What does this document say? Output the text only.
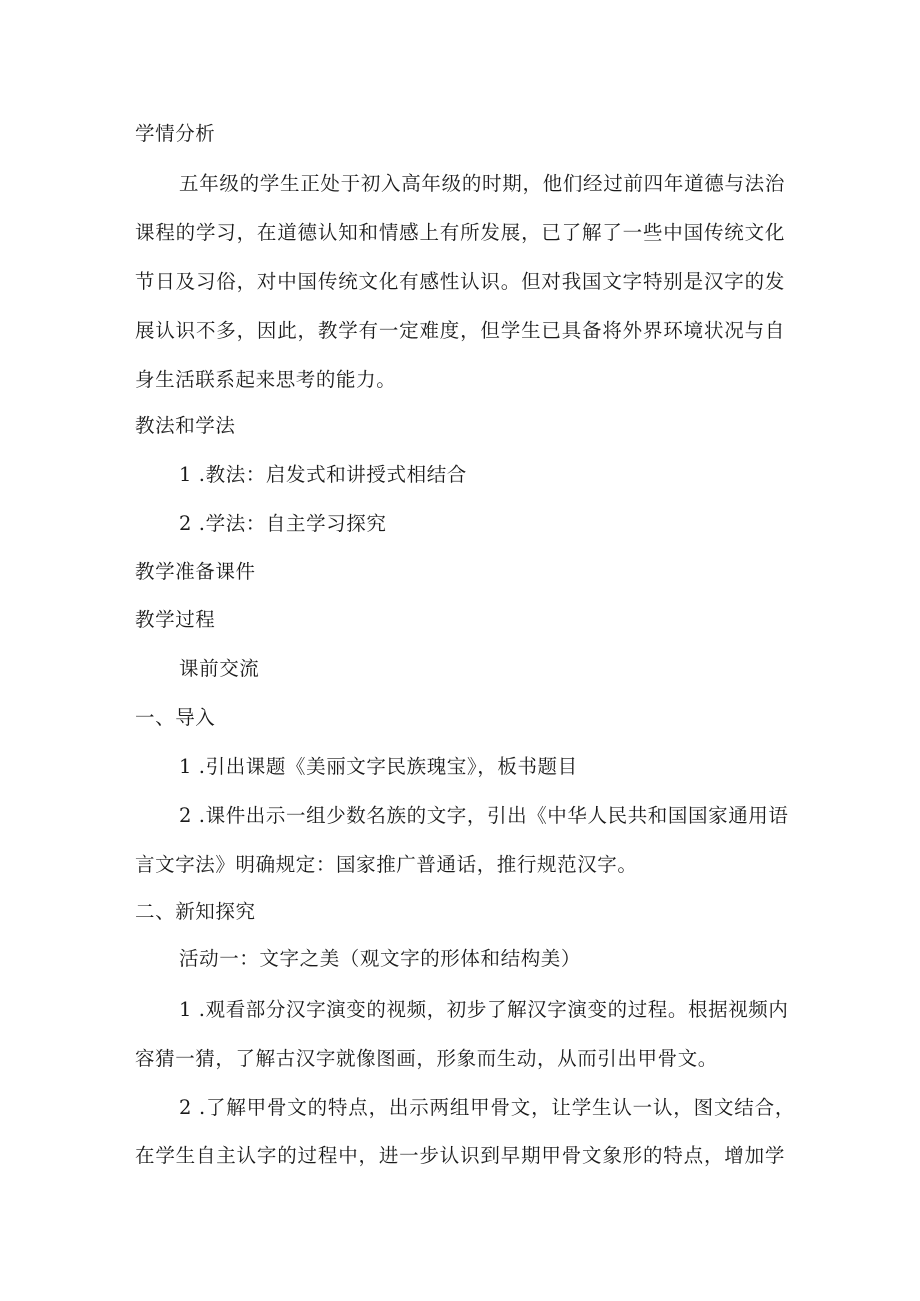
学情分析
五年级的学生正处于初入高年级的时期，他们经过前四年道德与法治
课程的学习，在道德认知和情感上有所发展，已了解了一些中国传统文化
节日及习俗，对中国传统文化有感性认识。但对我国文字特别是汉字的发
展认识不多，因此，教学有一定难度，但学生已具备将外界环境状况与自
身生活联系起来思考的能力。
教法和学法
1 .教法：启发式和讲授式相结合
2 .学法：自主学习探究
教学准备课件
教学过程
课前交流
一、导入
1 .引出课题《美丽文字民族瑰宝》，板书题目
2 .课件出示一组少数名族的文字，引出《中华人民共和国国家通用语
言文字法》明确规定：国家推广普通话，推行规范汉字。
二、新知探究
活动一：文字之美（观文字的形体和结构美）
1 .观看部分汉字演变的视频，初步了解汉字演变的过程。根据视频内
容猜一猜，了解古汉字就像图画，形象而生动，从而引出甲骨文。
2 .了解甲骨文的特点，出示两组甲骨文，让学生认一认，图文结合，
在学生自主认字的过程中，进一步认识到早期甲骨文象形的特点，增加学
